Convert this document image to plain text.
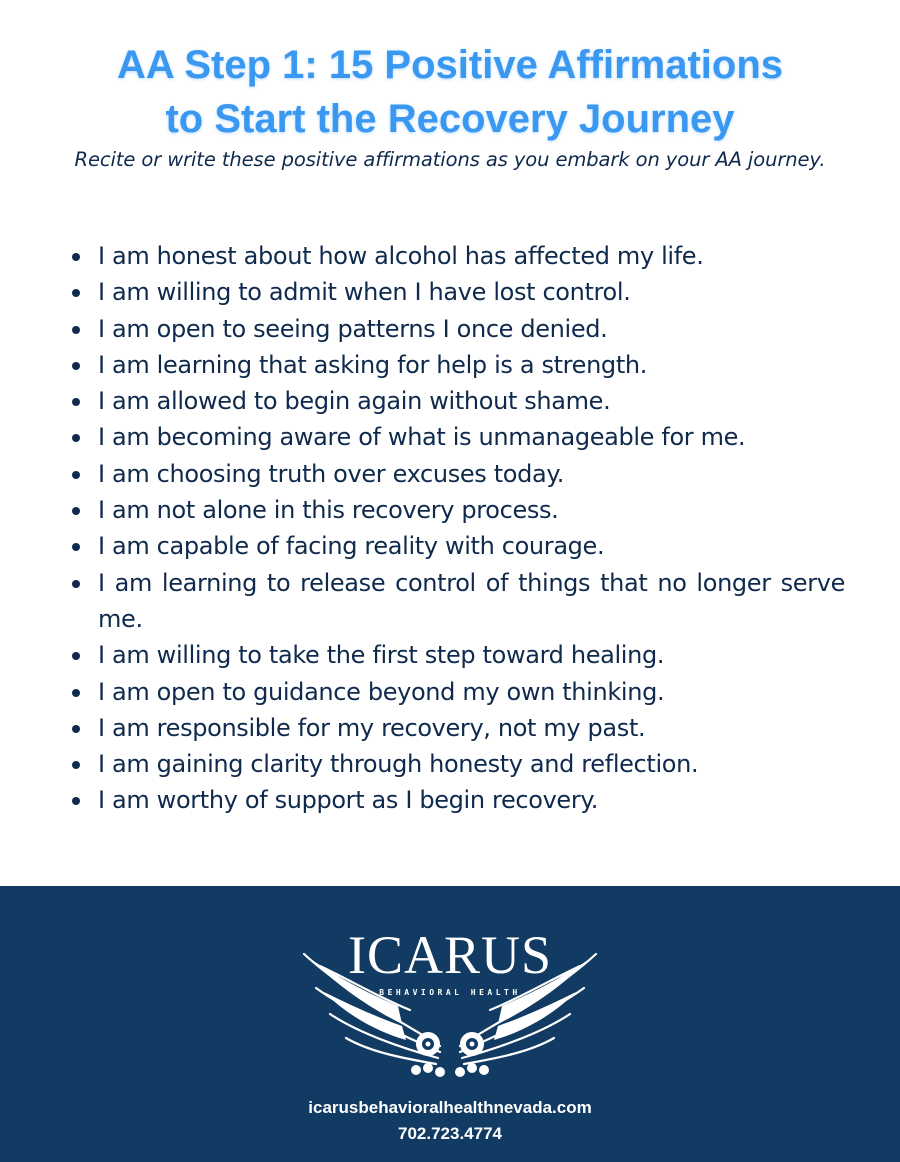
AA Step 1: 15 Positive Affirmations
to Start the Recovery Journey
Recite or write these positive affirmations as you embark on your AA journey.
I am honest about how alcohol has affected my life.
I am willing to admit when I have lost control.
I am open to seeing patterns I once denied.
I am learning that asking for help is a strength.
I am allowed to begin again without shame.
I am becoming aware of what is unmanageable for me.
I am choosing truth over excuses today.
I am not alone in this recovery process.
I am capable of facing reality with courage.
I am learning to release control of things that no longer serve me.
I am willing to take the first step toward healing.
I am open to guidance beyond my own thinking.
I am responsible for my recovery, not my past.
I am gaining clarity through honesty and reflection.
I am worthy of support as I begin recovery.
ICARUS
BEHAVIORAL HEALTH
icarusbehavioralhealthnevada.com
702.723.4774
